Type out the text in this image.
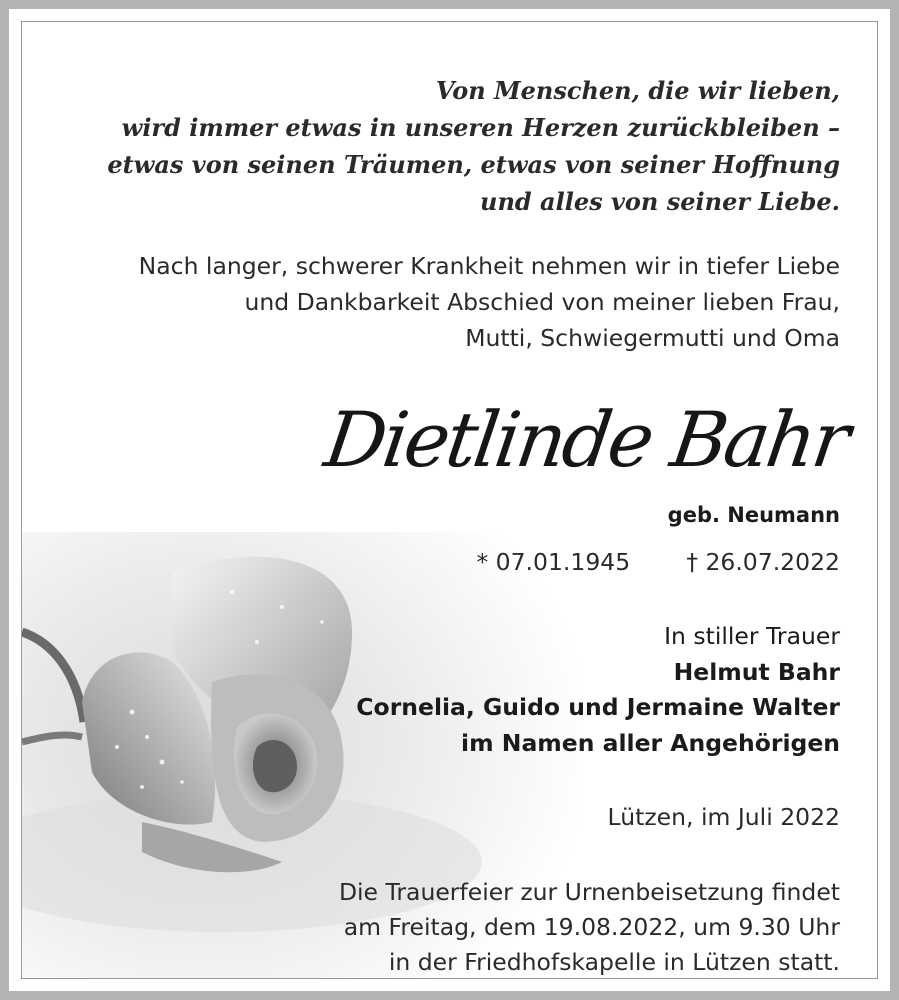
Von Menschen, die wir lieben,
wird immer etwas in unseren Herzen zurückbleiben –
etwas von seinen Träumen, etwas von seiner Hoffnung
und alles von seiner Liebe.
Nach langer, schwerer Krankheit nehmen wir in tiefer Liebe
und Dankbarkeit Abschied von meiner lieben Frau,
Mutti, Schwiegermutti und Oma
Dietlinde Bahr
geb. Neumann
* 07.01.1945 † 26.07.2022
In stiller Trauer
Helmut Bahr
Cornelia, Guido und Jermaine Walter
im Namen aller Angehörigen
Lützen, im Juli 2022
Die Trauerfeier zur Urnenbeisetzung findet
am Freitag, dem 19.08.2022, um 9.30 Uhr
in der Friedhofskapelle in Lützen statt.
